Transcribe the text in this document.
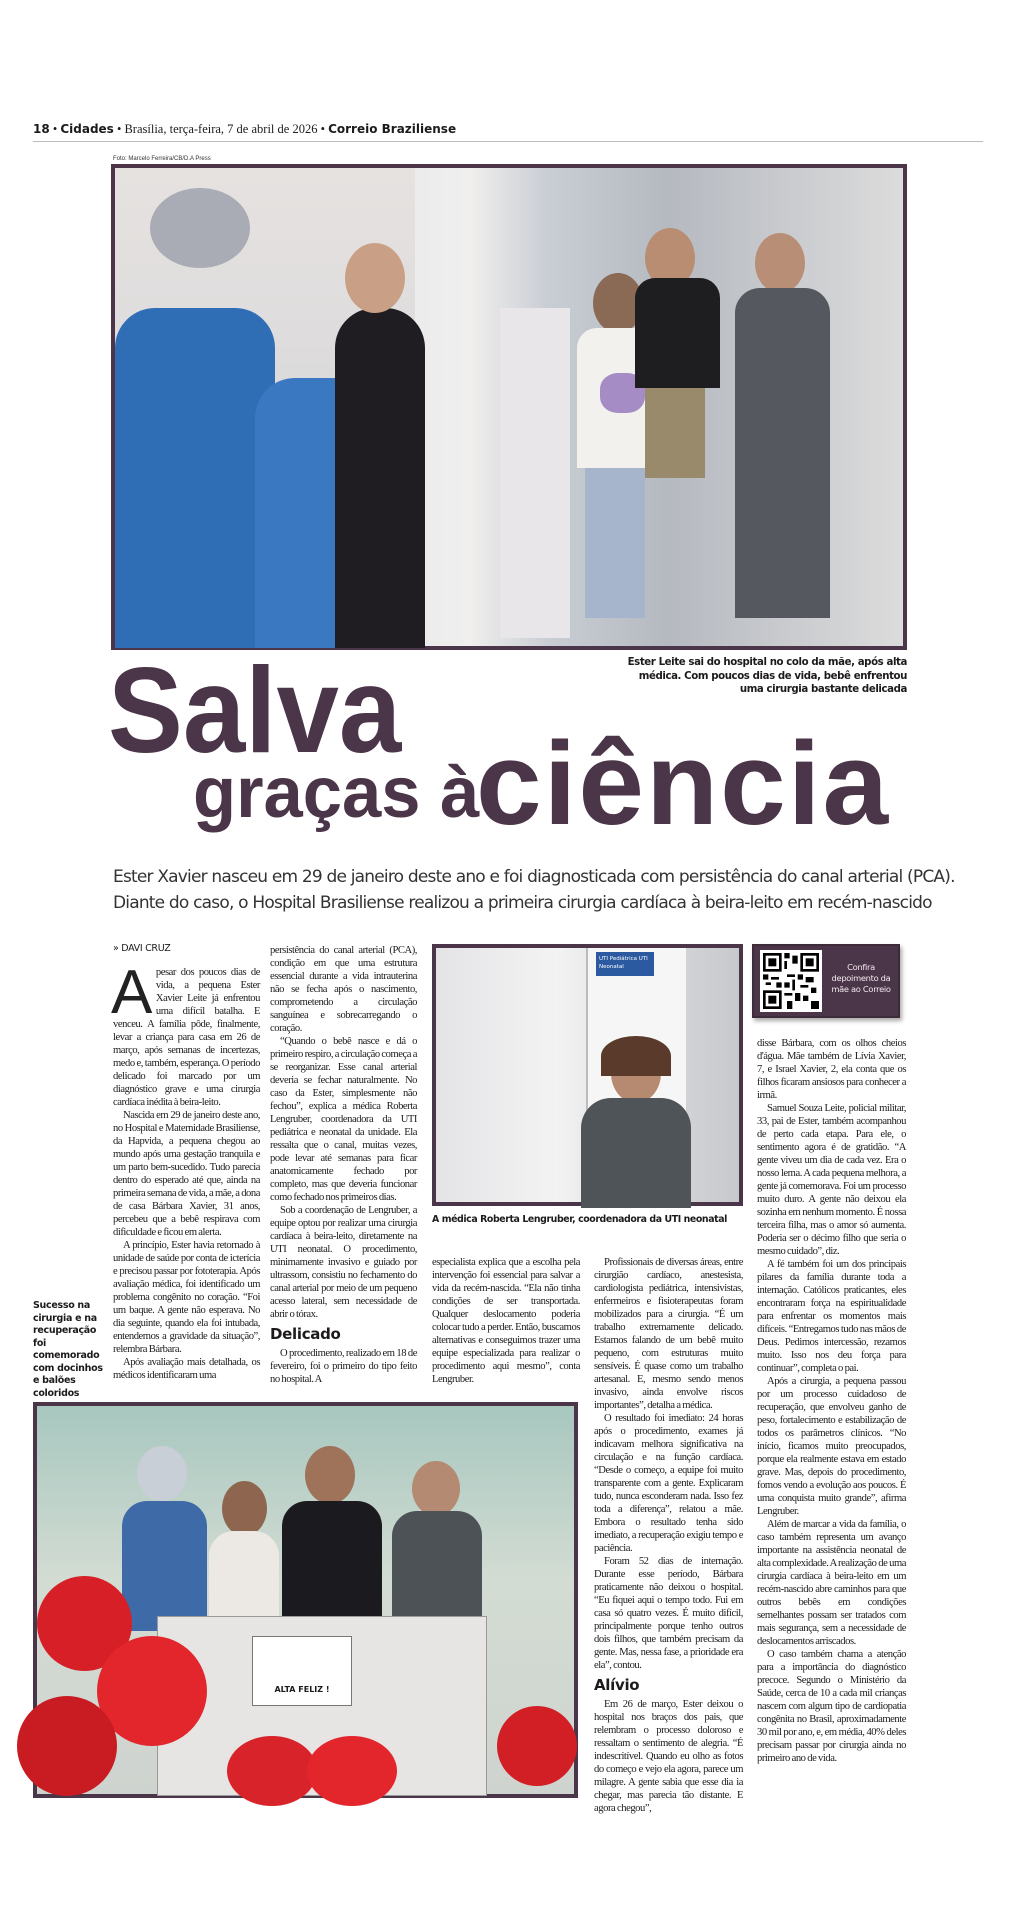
18 • Cidades • Brasília, terça-feira, 7 de abril de 2026 • Correio Braziliense
Foto: Marcelo Ferreira/CB/D.A Press
Ester Leite sai do hospital no colo da mãe, após alta médica. Com poucos dias de vida, bebê enfrentou uma cirurgia bastante delicada
Salva
graças à
ciência
Ester Xavier nasceu em 29 de janeiro deste ano e foi diagnosticada com persistência do canal arterial (PCA).
Diante do caso, o Hospital Brasiliense realizou a primeira cirurgia cardíaca à beira-leito em recém-nascido
» DAVI CRUZ

Apesar dos poucos dias de vida, a pequena Ester Xavier Leite já enfrentou uma difícil batalha. E venceu. A família pôde, finalmente, levar a criança para casa em 26 de março, após semanas de incertezas, medo e, também, esperança. O período delicado foi marcado por um diagnóstico grave e uma cirurgia cardíaca inédita à beira-leito.

Nascida em 29 de janeiro deste ano, no Hospital e Maternidade Brasiliense, da Hapvida, a pequena chegou ao mundo após uma gestação tranquila e um parto bem-sucedido. Tudo parecia dentro do esperado até que, ainda na primeira semana de vida, a mãe, a dona de casa Bárbara Xavier, 31 anos, percebeu que a bebê respirava com dificuldade e ficou em alerta.

A princípio, Ester havia retornado à unidade de saúde por conta de icterícia e precisou passar por fototerapia. Após avaliação médica, foi identificado um problema congênito no coração. “Foi um baque. A gente não esperava. No dia seguinte, quando ela foi intubada, entendemos a gravidade da situação”, relembra Bárbara.

Após avaliação mais detalhada, os médicos identificaram uma

persistência do canal arterial (PCA), condição em que uma estrutura essencial durante a vida intrauterina não se fecha após o nascimento, comprometendo a circulação sanguínea e sobrecarregando o coração.

“Quando o bebê nasce e dá o primeiro respiro, a circulação começa a se reorganizar. Esse canal arterial deveria se fechar naturalmente. No caso da Ester, simplesmente não fechou”, explica a médica Roberta Lengruber, coordenadora da UTI pediátrica e neonatal da unidade. Ela ressalta que o canal, muitas vezes, pode levar até semanas para ficar anatomicamente fechado por completo, mas que deveria funcionar como fechado nos primeiros dias.

Sob a coordenação de Lengruber, a equipe optou por realizar uma cirurgia cardíaca à beira-leito, diretamente na UTI neonatal. O procedimento, minimamente invasivo e guiado por ultrassom, consistiu no fechamento do canal arterial por meio de um pequeno acesso lateral, sem necessidade de abrir o tórax.

Delicado

O procedimento, realizado em 18 de fevereiro, foi o primeiro do tipo feito no hospital. A

UTI Pediátrica UTI Neonatal
A médica Roberta Lengruber, coordenadora da UTI neonatal
Confira depoimento da mãe ao Correio

especialista explica que a escolha pela intervenção foi essencial para salvar a vida da recém-nascida. “Ela não tinha condições de ser transportada. Qualquer deslocamento poderia colocar tudo a perder. Então, buscamos alternativas e conseguimos trazer uma equipe especializada para realizar o procedimento aqui mesmo”, conta Lengruber.

Profissionais de diversas áreas, entre cirurgião cardíaco, anestesista, cardiologista pediátrica, intensivistas, enfermeiros e fisioterapeutas foram mobilizados para a cirurgia. “É um trabalho extremamente delicado. Estamos falando de um bebê muito pequeno, com estruturas muito sensíveis. É quase como um trabalho artesanal. E, mesmo sendo menos invasivo, ainda envolve riscos importantes”, detalha a médica.

O resultado foi imediato: 24 horas após o procedimento, exames já indicavam melhora significativa na circulação e na função cardíaca. “Desde o começo, a equipe foi muito transparente com a gente. Explicaram tudo, nunca esconderam nada. Isso fez toda a diferença”, relatou a mãe. Embora o resultado tenha sido imediato, a recuperação exigiu tempo e paciência.

Foram 52 dias de internação. Durante esse período, Bárbara praticamente não deixou o hospital. “Eu fiquei aqui o tempo todo. Fui em casa só quatro vezes. É muito difícil, principalmente porque tenho outros dois filhos, que também precisam da gente. Mas, nessa fase, a prioridade era ela”, contou.

Alívio

Em 26 de março, Ester deixou o hospital nos braços dos pais, que relembram o processo doloroso e ressaltam o sentimento de alegria. “É indescritível. Quando eu olho as fotos do começo e vejo ela agora, parece um milagre. A gente sabia que esse dia ia chegar, mas parecia tão distante. E agora chegou”,

disse Bárbara, com os olhos cheios d'água. Mãe também de Lívia Xavier, 7, e Israel Xavier, 2, ela conta que os filhos ficaram ansiosos para conhecer a irmã.

Samuel Souza Leite, policial militar, 33, pai de Ester, também acompanhou de perto cada etapa. Para ele, o sentimento agora é de gratidão. “A gente viveu um dia de cada vez. Era o nosso lema. A cada pequena melhora, a gente já comemorava. Foi um processo muito duro. A gente não deixou ela sozinha em nenhum momento. É nossa terceira filha, mas o amor só aumenta. Poderia ser o décimo filho que seria o mesmo cuidado”, diz.

A fé também foi um dos principais pilares da família durante toda a internação. Católicos praticantes, eles encontraram força na espiritualidade para enfrentar os momentos mais difíceis. “Entregamos tudo nas mãos de Deus. Pedimos intercessão, rezamos muito. Isso nos deu força para continuar”, completa o pai.

Após a cirurgia, a pequena passou por um processo cuidadoso de recuperação, que envolveu ganho de peso, fortalecimento e estabilização de todos os parâmetros clínicos. “No início, ficamos muito preocupados, porque ela realmente estava em estado grave. Mas, depois do procedimento, fomos vendo a evolução aos poucos. É uma conquista muito grande”, afirma Lengruber.

Além de marcar a vida da família, o caso também representa um avanço importante na assistência neonatal de alta complexidade. A realização de uma cirurgia cardíaca à beira-leito em um recém-nascido abre caminhos para que outros bebês em condições semelhantes possam ser tratados com mais segurança, sem a necessidade de deslocamentos arriscados.

O caso também chama a atenção para a importância do diagnóstico precoce. Segundo o Ministério da Saúde, cerca de 10 a cada mil crianças nascem com algum tipo de cardiopatia congênita no Brasil, aproximadamente 30 mil por ano, e, em média, 40% deles precisam passar por cirurgia ainda no primeiro ano de vida.

Sucesso na cirurgia e na recuperação foi comemorado com docinhos e balões coloridos
ALTA FELIZ !
